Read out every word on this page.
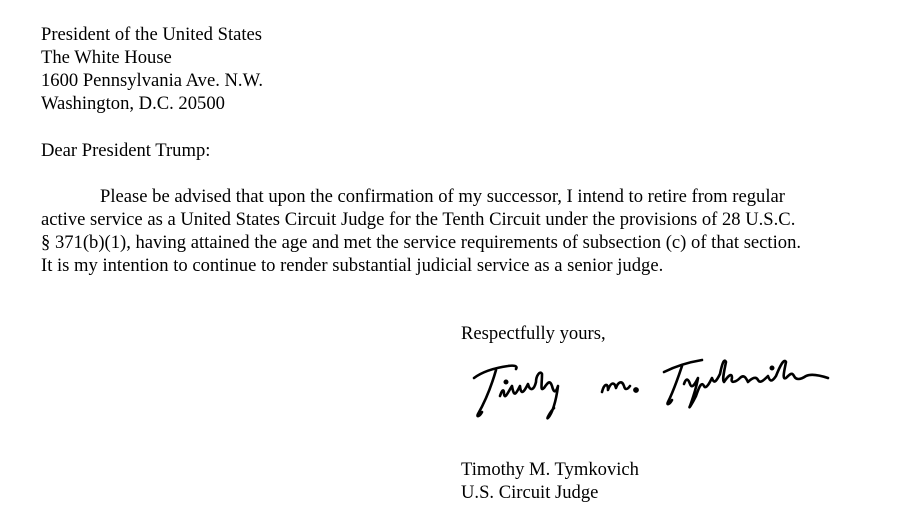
President of the United States
The White House
1600 Pennsylvania Ave. N.W.
Washington, D.C. 20500
Dear President Trump:
Please be advised that upon the confirmation of my successor, I intend to retire from regular
active service as a United States Circuit Judge for the Tenth Circuit under the provisions of 28 U.S.C.
§ 371(b)(1), having attained the age and met the service requirements of subsection (c) of that section.
It is my intention to continue to render substantial judicial service as a senior judge.
Respectfully yours,
Timothy M. Tymkovich
U.S. Circuit Judge
